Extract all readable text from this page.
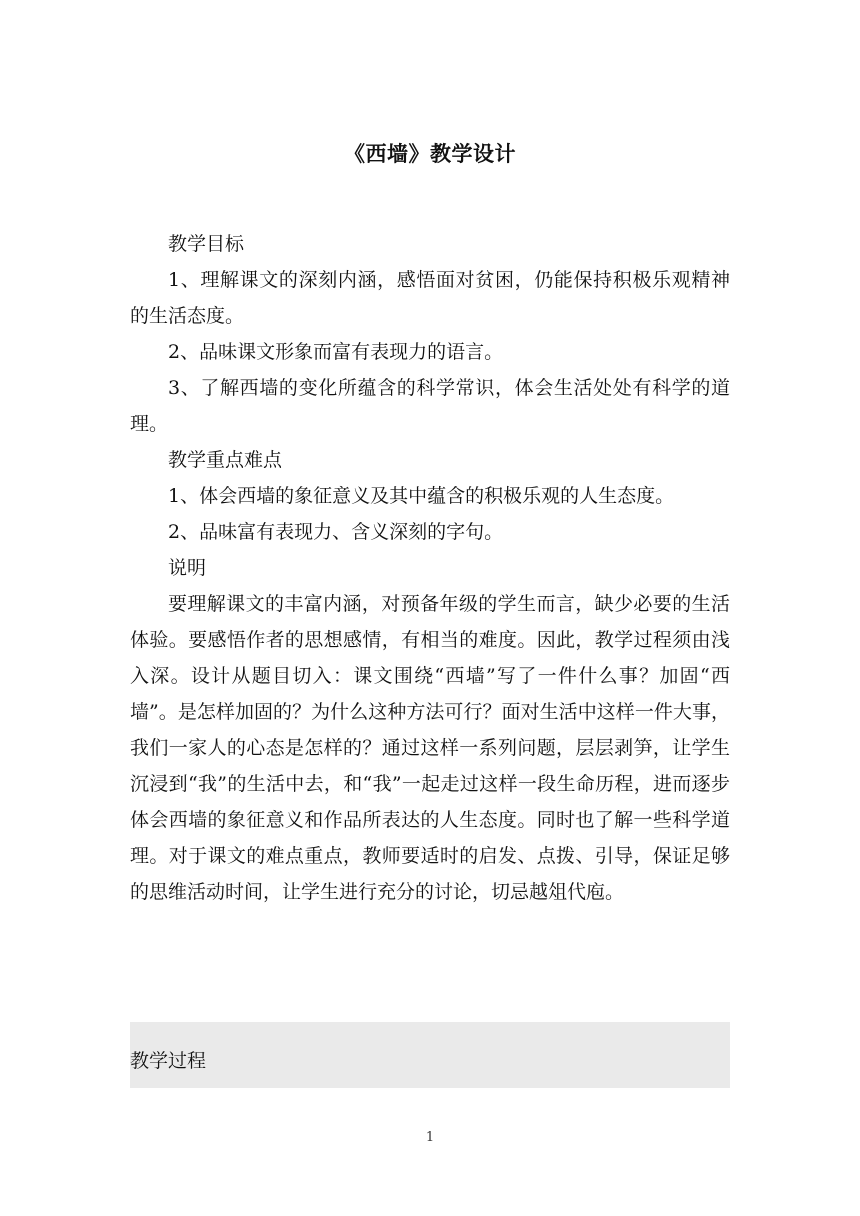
《西墙》教学设计

教学目标

1、理解课文的深刻内涵，感悟面对贫困，仍能保持积极乐观精神的生活态度。

2、品味课文形象而富有表现力的语言。

3、了解西墙的变化所蕴含的科学常识，体会生活处处有科学的道理。

教学重点难点

1、体会西墙的象征意义及其中蕴含的积极乐观的人生态度。

2、品味富有表现力、含义深刻的字句。

说明

要理解课文的丰富内涵，对预备年级的学生而言，缺少必要的生活体验。要感悟作者的思想感情，有相当的难度。因此，教学过程须由浅入深。设计从题目切入：课文围绕“西墙”写了一件什么事？加固“西墙”。是怎样加固的？为什么这种方法可行？面对生活中这样一件大事，我们一家人的心态是怎样的？通过这样一系列问题，层层剥笋，让学生沉浸到“我”的生活中去，和“我”一起走过这样一段生命历程，进而逐步体会西墙的象征意义和作品所表达的人生态度。同时也了解一些科学道理。对于课文的难点重点，教师要适时的启发、点拨、引导，保证足够的思维活动时间，让学生进行充分的讨论，切忌越俎代庖。

教学过程
1
